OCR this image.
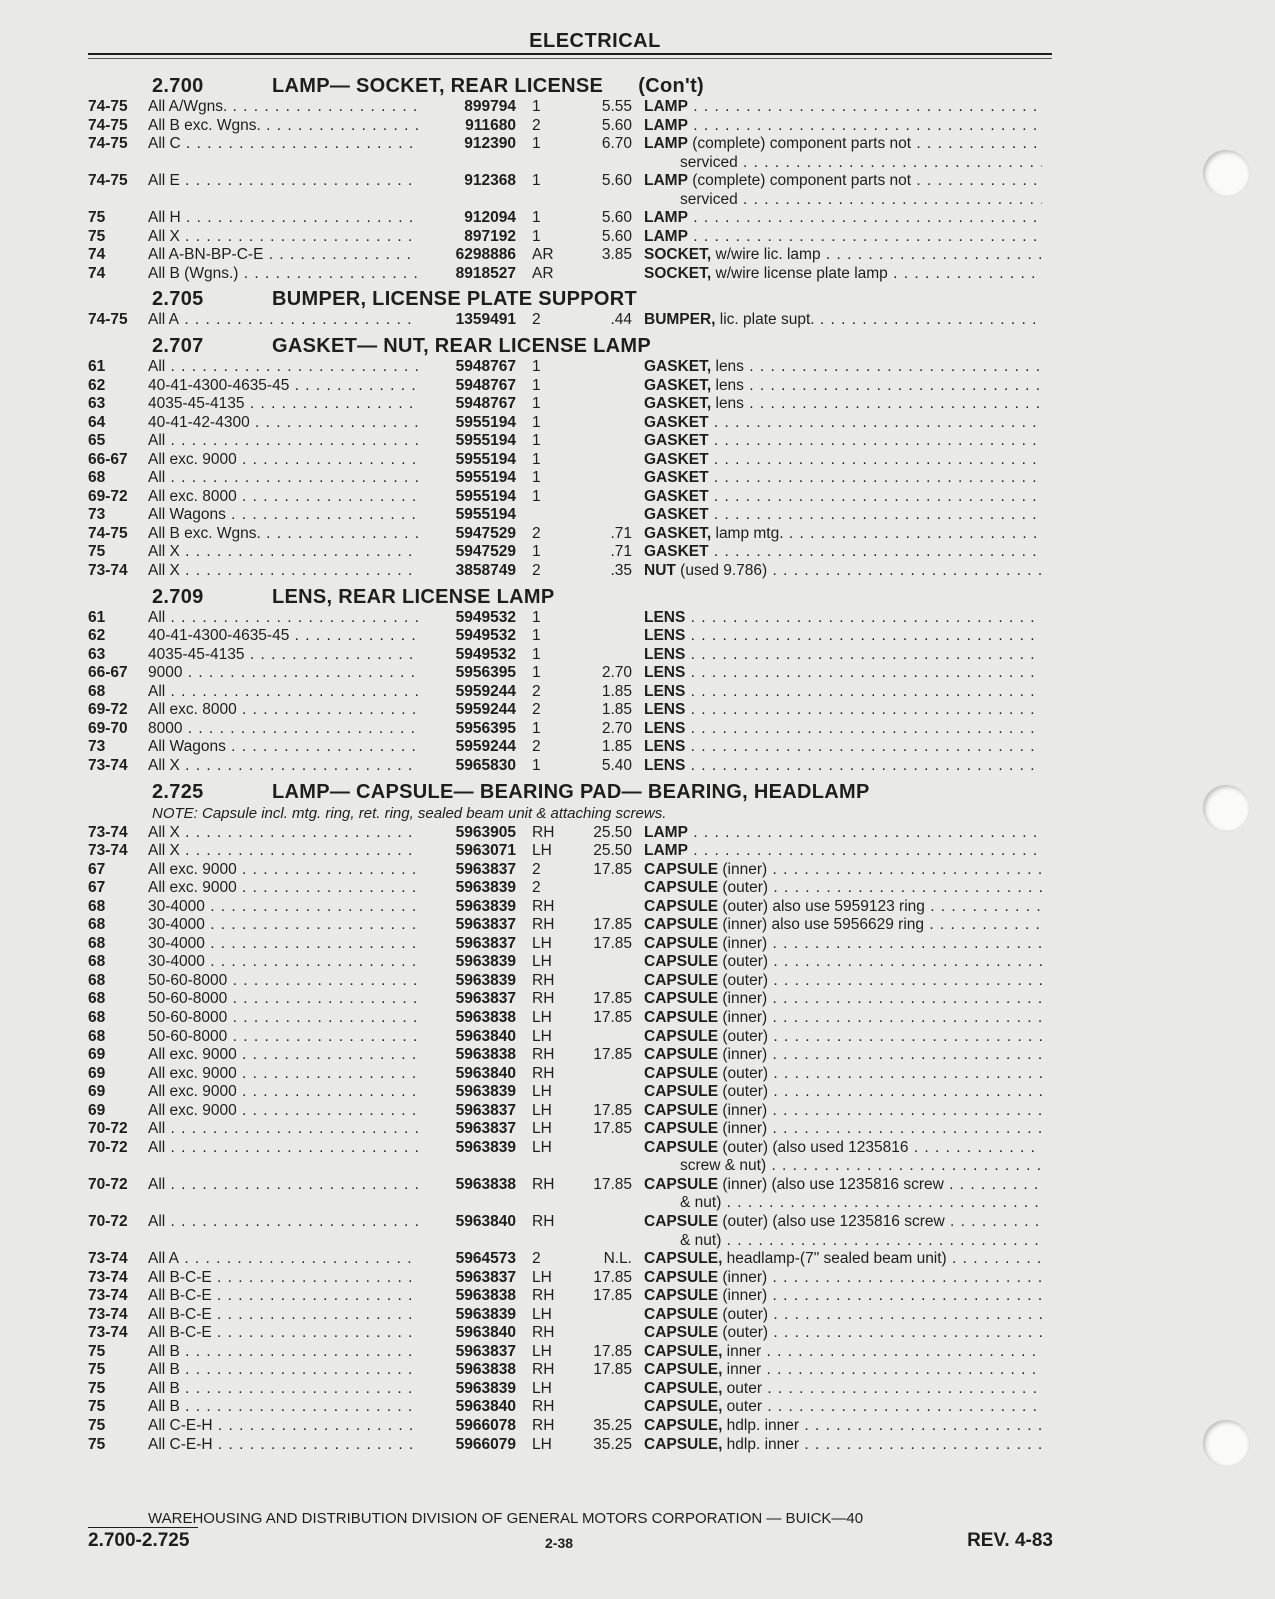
ELECTRICAL
2.700	LAMP— SOCKET, REAR LICENSE      (Con't)
74-75	All A/Wgns. . . .	899794	1	5.55 LAMP . . .
74-75	All B exc. Wgns. . . .	911680	2	5.60 LAMP . . .
74-75	All C . . .	912390	1	6.70 LAMP (complete) component parts not . . .
serviced . . .
74-75	All E . . .	912368	1	5.60 LAMP (complete) component parts not . . .
serviced . . .
75	All H . . .	912094	1	5.60 LAMP . . .
75	All X . . .	897192	1	5.60 LAMP . . .
74	All A-BN-BP-C-E . . .	6298886	AR	3.85 SOCKET, w/wire lic. lamp . . .
74	All B (Wgns.) . . .	8918527	AR	SOCKET, w/wire license plate lamp . . .
2.705	BUMPER, LICENSE PLATE SUPPORT
74-75	All A . . .	1359491	2	.44 BUMPER, lic. plate supt. . . .
2.707	GASKET— NUT, REAR LICENSE LAMP
61	All . . .	5948767	1	GASKET, lens . . .
62	40-41-4300-4635-45 . . .	5948767	1	GASKET, lens . . .
63	4035-45-4135 . . .	5948767	1	GASKET, lens . . .
64	40-41-42-4300 . . .	5955194	1	GASKET . . .
65	All . . .	5955194	1	GASKET . . .
66-67	All exc. 9000 . . .	5955194	1	GASKET . . .
68	All . . .	5955194	1	GASKET . . .
69-72	All exc. 8000 . . .	5955194	1	GASKET . . .
73	All Wagons . . .	5955194	GASKET . . .
74-75	All B exc. Wgns. . . .	5947529	2	.71 GASKET, lamp mtg. . . .
75	All X . . .	5947529	1	.71 GASKET . . .
73-74	All X . . .	3858749	2	.35 NUT (used 9.786) . . .
2.709	LENS, REAR LICENSE LAMP
61	All . . .	5949532	1	LENS . . .
62	40-41-4300-4635-45 . . .	5949532	1	LENS . . .
63	4035-45-4135 . . .	5949532	1	LENS . . .
66-67	9000 . . .	5956395	1	2.70 LENS . . .
68	All . . .	5959244	2	1.85 LENS . . .
69-72	All exc. 8000 . . .	5959244	2	1.85 LENS . . .
69-70	8000 . . .	5956395	1	2.70 LENS . . .
73	All Wagons . . .	5959244	2	1.85 LENS . . .
73-74	All X . . .	5965830	1	5.40 LENS . . .
2.725	LAMP— CAPSULE— BEARING PAD— BEARING, HEADLAMP
NOTE: Capsule incl. mtg. ring, ret. ring, sealed beam unit & attaching screws.
73-74	All X . . .	5963905	RH	25.50 LAMP . . .
73-74	All X . . .	5963071	LH	25.50 LAMP . . .
67	All exc. 9000 . . .	5963837	2	17.85 CAPSULE (inner) . . .
67	All exc. 9000 . . .	5963839	2	CAPSULE (outer) . . .
68	30-4000 . . .	5963839	RH	CAPSULE (outer) also use 5959123 ring . . .
68	30-4000 . . .	5963837	RH	17.85 CAPSULE (inner) also use 5956629 ring . . .
68	30-4000 . . .	5963837	LH	17.85 CAPSULE (inner) . . .
68	30-4000 . . .	5963839	LH	CAPSULE (outer) . . .
68	50-60-8000 . . .	5963839	RH	CAPSULE (outer) . . .
68	50-60-8000 . . .	5963837	RH	17.85 CAPSULE (inner) . . .
68	50-60-8000 . . .	5963838	LH	17.85 CAPSULE (inner) . . .
68	50-60-8000 . . .	5963840	LH	CAPSULE (outer) . . .
69	All exc. 9000 . . .	5963838	RH	17.85 CAPSULE (inner) . . .
69	All exc. 9000 . . .	5963840	RH	CAPSULE (outer) . . .
69	All exc. 9000 . . .	5963839	LH	CAPSULE (outer) . . .
69	All exc. 9000 . . .	5963837	LH	17.85 CAPSULE (inner) . . .
70-72	All . . .	5963837	LH	17.85 CAPSULE (inner) . . .
70-72	All . . .	5963839	LH	CAPSULE (outer) (also used 1235816 . . .
screw & nut) . . .
70-72	All . . .	5963838	RH	17.85 CAPSULE (inner) (also use 1235816 screw . . .
& nut) . . .
70-72	All . . .	5963840	RH	CAPSULE (outer) (also use 1235816 screw . . .
& nut) . . .
73-74	All A . . .	5964573	2	N.L. CAPSULE, headlamp-(7" sealed beam unit) . . .
73-74	All B-C-E . . .	5963837	LH	17.85 CAPSULE (inner) . . .
73-74	All B-C-E . . .	5963838	RH	17.85 CAPSULE (inner) . . .
73-74	All B-C-E . . .	5963839	LH	CAPSULE (outer) . . .
73-74	All B-C-E . . .	5963840	RH	CAPSULE (outer) . . .
75	All B . . .	5963837	LH	17.85 CAPSULE, inner . . .
75	All B . . .	5963838	RH	17.85 CAPSULE, inner . . .
75	All B . . .	5963839	LH	CAPSULE, outer . . .
75	All B . . .	5963840	RH	CAPSULE, outer . . .
75	All C-E-H . . .	5966078	RH	35.25 CAPSULE, hdlp. inner . . .
75	All C-E-H . . .	5966079	LH	35.25 CAPSULE, hdlp. inner . . .
WAREHOUSING AND DISTRIBUTION DIVISION OF GENERAL MOTORS CORPORATION — BUICK—40
2.700-2.725	2-38	REV. 4-83
